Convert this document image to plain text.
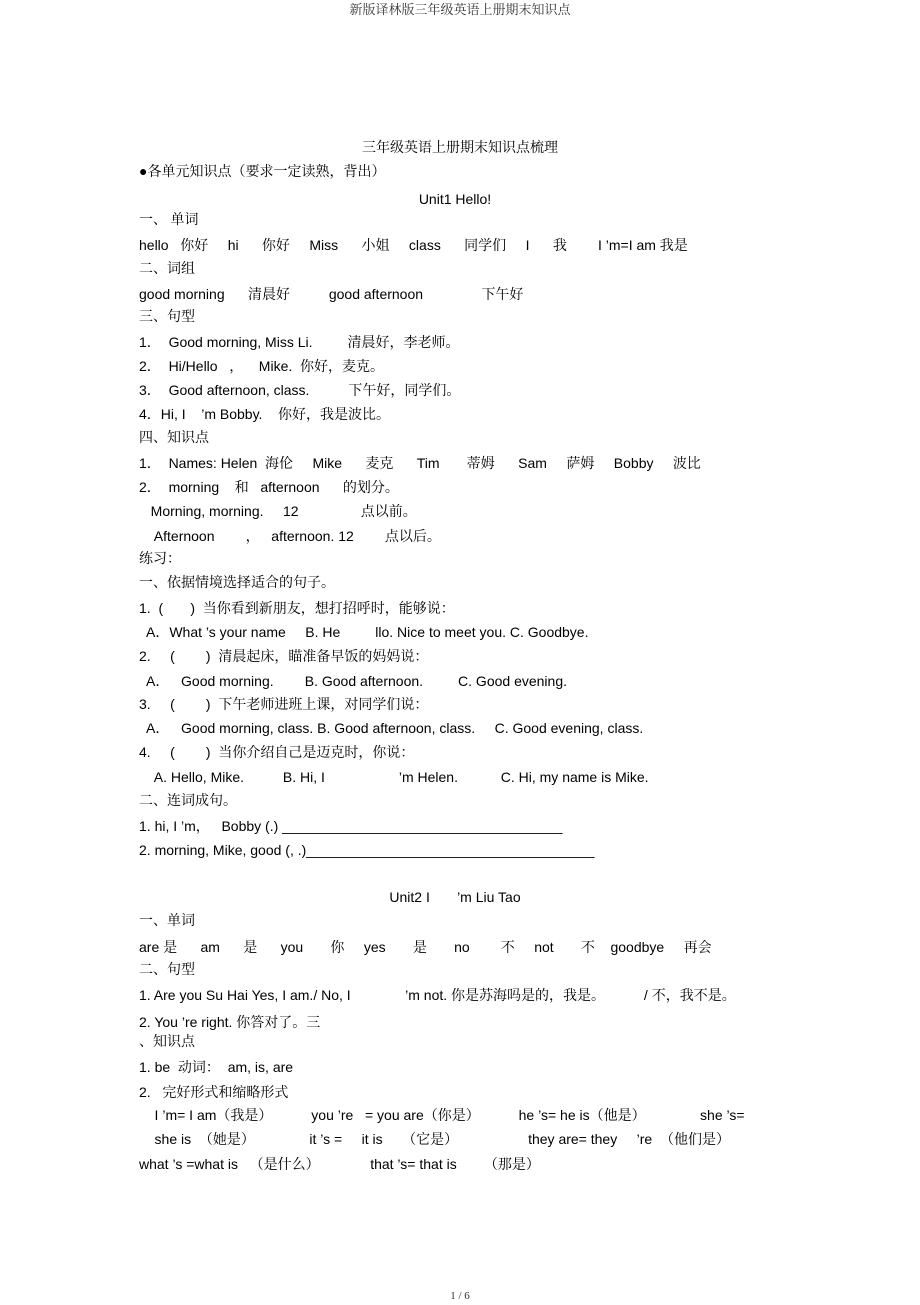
新版译林版三年级英语上册期末知识点
三年级英语上册期末知识点梳理
●各单元知识点（要求一定读熟，背出）
Unit1 Hello!
一、 单词
hello   你好     hi      你好     Miss      小姐     class      同学们     I      我        I ’m=I am 我是
二、词组
good morning      清晨好          good afternoon               下午好
三、句型
1．  Good morning, Miss Li.         清晨好，李老师。
2．  Hi/Hello   ，    Mike.  你好，麦克。
3．  Good afternoon, class.          下午好，同学们。
4．Hi, I    ’m Bobby.    你好，我是波比。
四、知识点
1．  Names: Helen  海伦     Mike      麦克      Tim       蒂姆      Sam     萨姆     Bobby     波比
2．  morning    和   afternoon      的划分。
Morning, morning.     12                点以前。
Afternoon        ，   afternoon. 12        点以后。
练习：
一、依据情境选择适合的句子。
1.  (       )  当你看到新朋友，想打招呼时，能够说：
A．What ’s your name     B. He         llo. Nice to meet you. C. Goodbye.
2.     (        )  清晨起床，瞄准备早饭的妈妈说：
A．   Good morning.        B. Good afternoon.         C. Good evening.
3.     (        )  下午老师进班上课，对同学们说：
A．   Good morning, class. B. Good afternoon, class.     C. Good evening, class.
4.     (        )  当你介绍自己是迈克时，你说：
A. Hello, Mike.          B. Hi, I                   ’m Helen.           C. Hi, my name is Mike.
二、连词成句。
1. hi, I ’m，   Bobby (.) ____________________________________
2. morning, Mike, good (, .)_____________________________________
Unit2 I       ’m Liu Tao
一、单词
are 是      am      是      you       你     yes       是       no        不     not       不    goodbye     再会
二、句型
1. Are you Su Hai Yes, I am./ No, I              ’m not. 你是苏海吗是的，我是。          / 不，我不是。
2. You ’re right. 你答对了。三
、知识点
1. be  动词：  am, is, are
2.   完好形式和缩略形式
I ’m= I am（我是）          you ’re   = you are（你是）          he ’s= he is（他是）              she ’s=
she is  （她是）              it ’s =     it is     （它是）                  they are= they     ’re  （他们是）
what ’s =what is   （是什么）             that ’s= that is       （那是）
1 / 6
